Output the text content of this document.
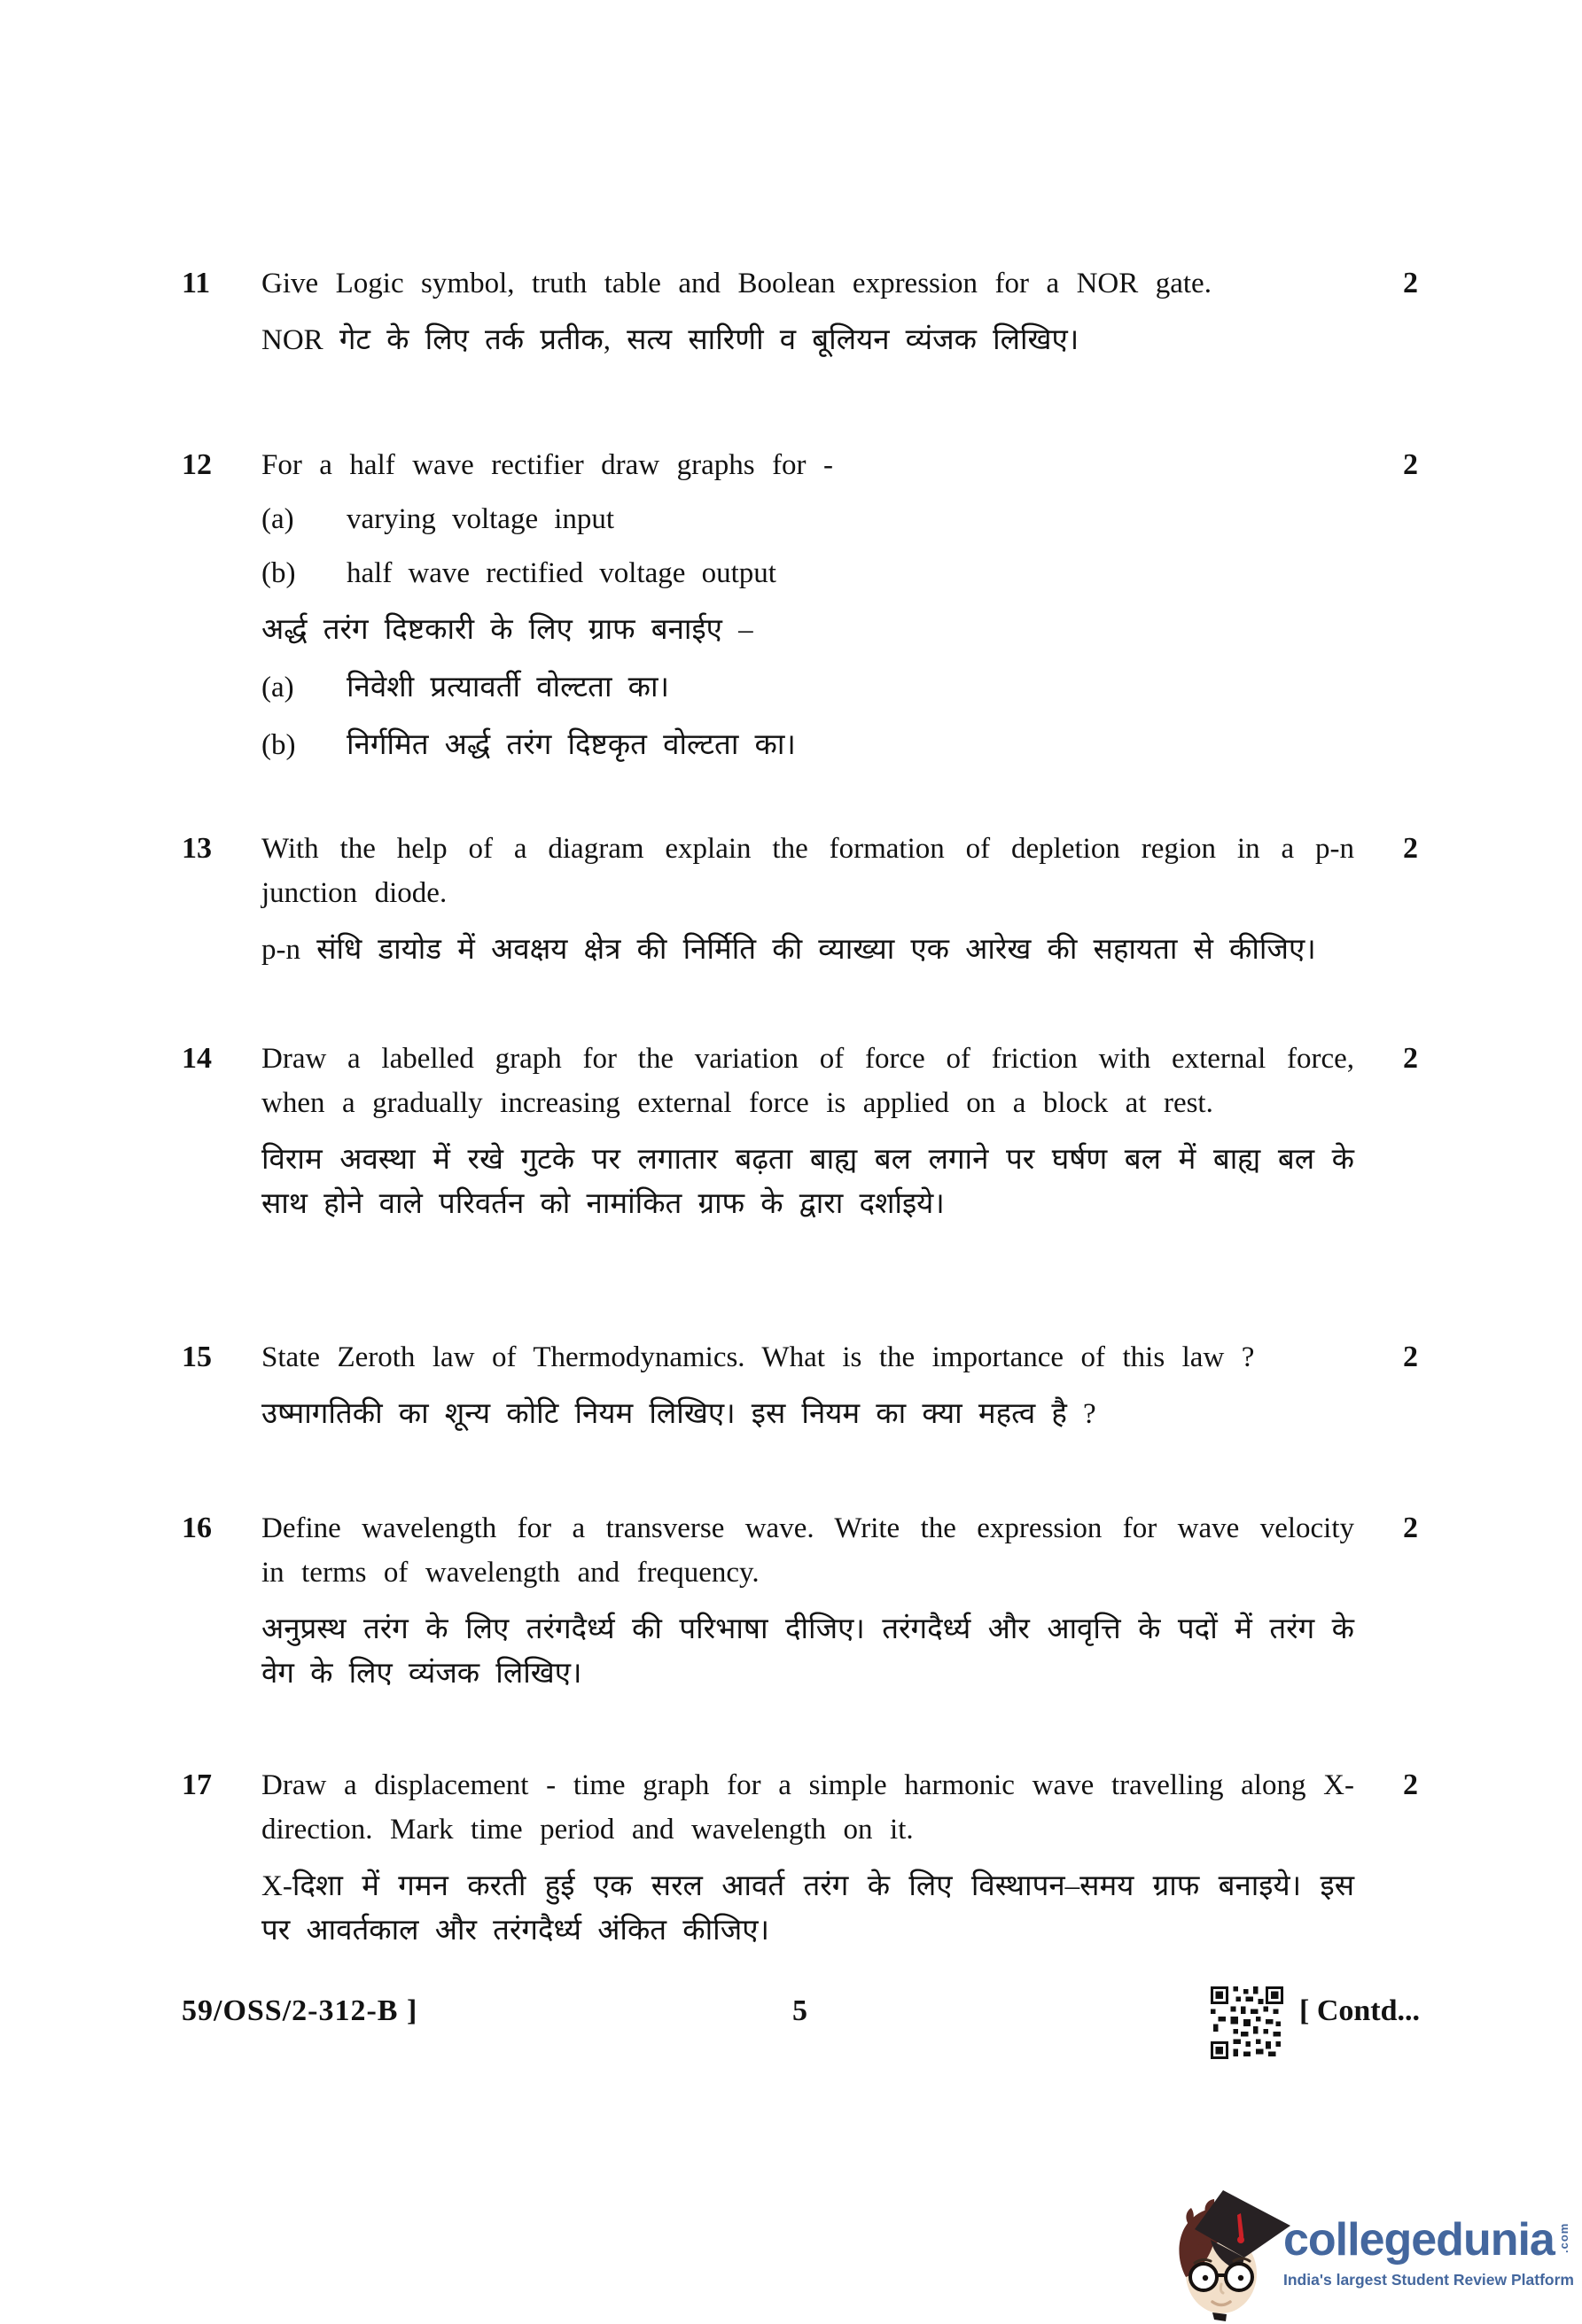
11	2

Give Logic symbol, truth table and Boolean expression for a NOR gate.

NOR गेट के लिए तर्क प्रतीक, सत्य सारिणी व बूलियन व्यंजक लिखिए।

12	2

For a half wave rectifier draw graphs for -

(a)	varying voltage input
(b)	half wave rectified voltage output

अर्द्ध तरंग दिष्टकारी के लिए ग्राफ बनाईए –

(a)	निवेशी प्रत्यावर्ती वोल्टता का।
(b)	निर्गमित अर्द्ध तरंग दिष्टकृत वोल्टता का।
13	2

With the help of a diagram explain the formation of depletion region in a p-n junction diode.

p-n संधि डायोड में अवक्षय क्षेत्र की निर्मिति की व्याख्या एक आरेख की सहायता से कीजिए।

14	2

Draw a labelled graph for the variation of force of friction with external force, when a gradually increasing external force is applied on a block at rest.

विराम अवस्था में रखे गुटके पर लगातार बढ़ता बाह्य बल लगाने पर घर्षण बल में बाह्य बल के साथ होने वाले परिवर्तन को नामांकित ग्राफ के द्वारा दर्शाइये।

15	2

State Zeroth law of Thermodynamics. What is the importance of this law ?

उष्मागतिकी का शून्य कोटि नियम लिखिए। इस नियम का क्या महत्व है ?

16	2

Define wavelength for a transverse wave. Write the expression for wave velocity in terms of wavelength and frequency.

अनुप्रस्थ तरंग के लिए तरंगदैर्ध्य की परिभाषा दीजिए। तरंगदैर्ध्य और आवृत्ति के पदों में तरंग के वेग के लिए व्यंजक लिखिए।

17	2

Draw a displacement - time graph for a simple harmonic wave travelling along X-direction. Mark time period and wavelength on it.

X-दिशा में गमन करती हुई एक सरल आवर्त तरंग के लिए विस्थापन–समय ग्राफ बनाइये। इस पर आवर्तकाल और तरंगदैर्ध्य अंकित कीजिए।

59/OSS/2-312-B ]	5	[ Contd...
collegedunia .com
India's largest Student Review Platform
